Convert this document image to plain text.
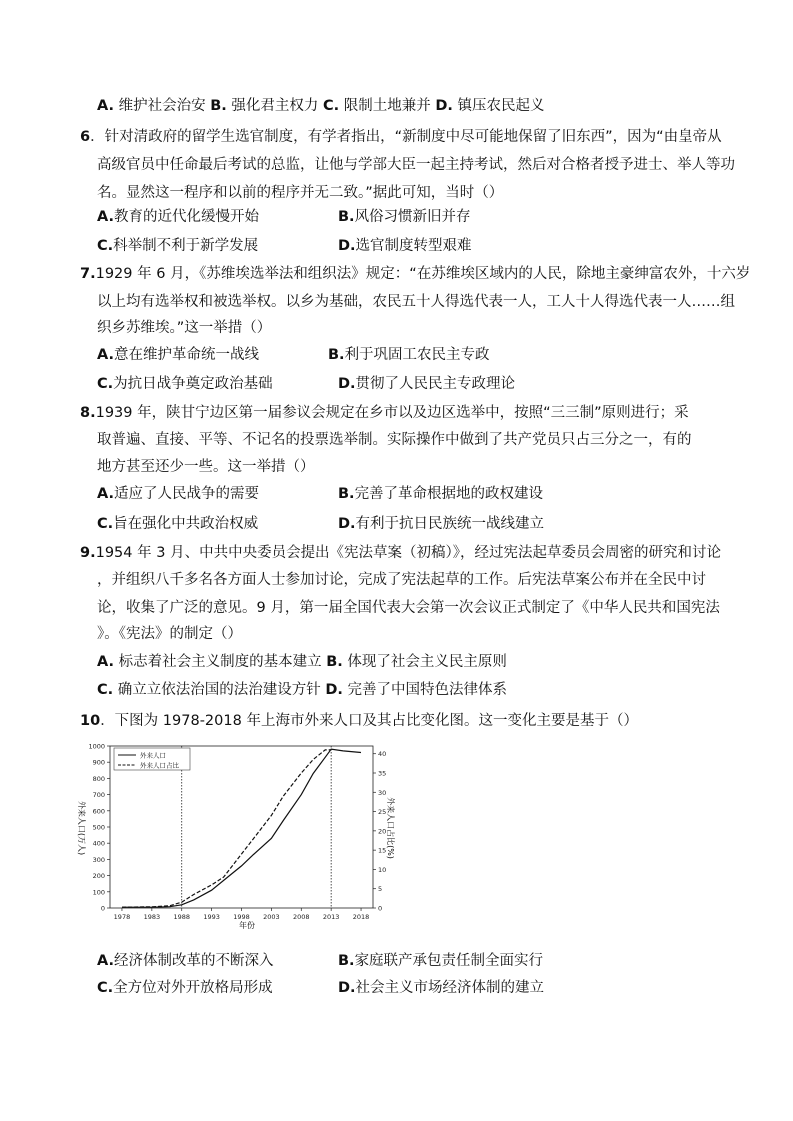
A. 维护社会治安 B. 强化君主权力 C. 限制土地兼并 D. 镇压农民起义
6．针对清政府的留学生选官制度，有学者指出，“新制度中尽可能地保留了旧东西”，因为“由皇帝从
高级官员中任命最后考试的总监，让他与学部大臣一起主持考试，然后对合格者授予进士、举人等功
名。显然这一程序和以前的程序并无二致。”据此可知，当时（）
A.教育的近代化缓慢开始	B.风俗习惯新旧并存
C.科举制不利于新学发展	D.选官制度转型艰难
7.1929 年 6 月，《苏维埃选举法和组织法》规定：“在苏维埃区域内的人民，除地主豪绅富农外，十六岁
以上均有选举权和被选举权。以乡为基础，农民五十人得选代表一人，工人十人得选代表一人……组
织乡苏维埃。”这一举措（）
A.意在维护革命统一战线	B.利于巩固工农民主专政
C.为抗日战争奠定政治基础	D.贯彻了人民民主专政理论
8.1939 年，陕甘宁边区第一届参议会规定在乡市以及边区选举中，按照“三三制”原则进行；采
取普遍、直接、平等、不记名的投票选举制。实际操作中做到了共产党员只占三分之一，有的
地方甚至还少一些。这一举措（）
A.适应了人民战争的需要	B.完善了革命根据地的政权建设
C.旨在强化中共政治权威	D.有利于抗日民族统一战线建立
9.1954 年 3 月、中共中央委员会提出《宪法草案（初稿）》，经过宪法起草委员会周密的研究和讨论
，并组织八千多名各方面人士参加讨论，完成了宪法起草的工作。后宪法草案公布并在全民中讨
论，收集了广泛的意见。9 月，第一届全国代表大会第一次会议正式制定了《中华人民共和国宪法
》。《宪法》的制定（）
A. 标志着社会主义制度的基本建立 B. 体现了社会主义民主原则
C. 确立立依法治国的法治建设方针 D. 完善了中国特色法律体系
10．下图为 1978-2018 年上海市外来人口及其占比变化图。这一变化主要是基于（）
1978 1983 1988 1993 1998 2003 2008 2013 2018
0
100
200
300
400
500
600
700
800
900
1000
0
5
10
15
20
25
30
35
40
外来人口
外来人口占比
外来人口(万人)	外来人口占比(%)
年份
A.经济体制改革的不断深入	B.家庭联产承包责任制全面实行
C.全方位对外开放格局形成	D.社会主义市场经济体制的建立
